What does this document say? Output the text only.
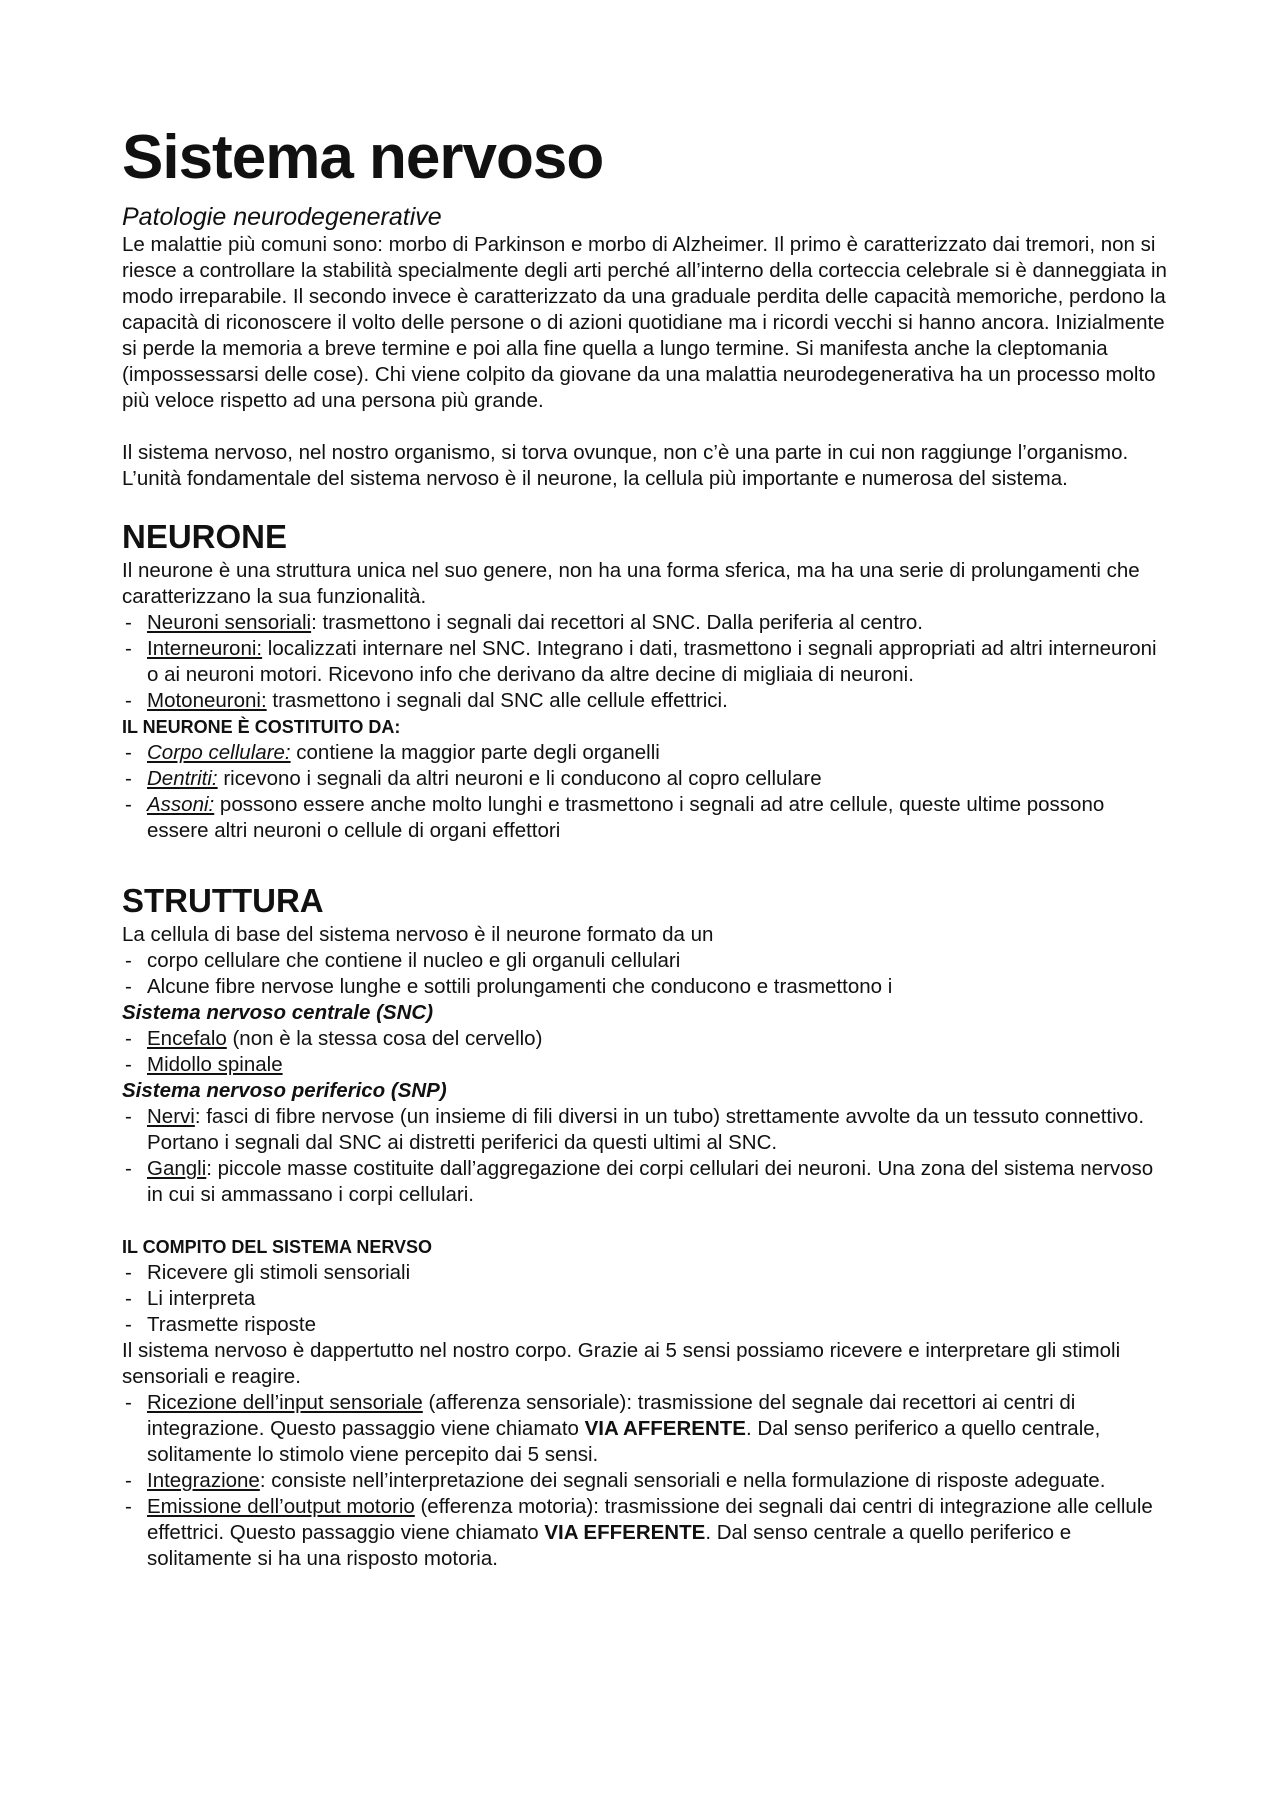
Sistema nervoso
Patologie neurodegenerative

Le malattie più comuni sono: morbo di Parkinson e morbo di Alzheimer. Il primo è caratterizzato dai tremori, non si riesce a controllare la stabilità specialmente degli arti perché all’interno della corteccia celebrale si è danneggiata in modo irreparabile. Il secondo invece è caratterizzato da una graduale perdita delle capacità memoriche, perdono la capacità di riconoscere il volto delle persone o di azioni quotidiane ma i ricordi vecchi si hanno ancora. Inizialmente si perde la memoria a breve termine e poi alla fine quella a lungo termine. Si manifesta anche la cleptomania (impossessarsi delle cose). Chi viene colpito da giovane da una malattia neurodegenerativa ha un processo molto più veloce rispetto ad una persona più grande.

Il sistema nervoso, nel nostro organismo, si torva ovunque, non c’è una parte in cui non raggiunge l’organismo. L’unità fondamentale del sistema nervoso è il neurone, la cellula più importante e numerosa del sistema.

NEURONE

Il neurone è una struttura unica nel suo genere, non ha una forma sferica, ma ha una serie di prolungamenti che caratterizzano la sua funzionalità.

- Neuroni sensoriali: trasmettono i segnali dai recettori al SNC. Dalla periferia al centro.
- Interneuroni: localizzati internare nel SNC. Integrano i dati, trasmettono i segnali appropriati ad altri interneuroni o ai neuroni motori. Ricevono info che derivano da altre decine di migliaia di neuroni.
- Motoneuroni: trasmettono i segnali dal SNC alle cellule effettrici.
IL NEURONE È COSTITUITO DA:
- Corpo cellulare: contiene la maggior parte degli organelli
- Dentriti: ricevono i segnali da altri neuroni e li conducono al copro cellulare
- Assoni: possono essere anche molto lunghi e trasmettono i segnali ad atre cellule, queste ultime possono essere altri neuroni o cellule di organi effettori
STRUTTURA

La cellula di base del sistema nervoso è il neurone formato da un

- corpo cellulare che contiene il nucleo e gli organuli cellulari
- Alcune fibre nervose lunghe e sottili prolungamenti che conducono e trasmettono i
Sistema nervoso centrale (SNC)
- Encefalo (non è la stessa cosa del cervello)
- Midollo spinale
Sistema nervoso periferico (SNP)
- Nervi: fasci di fibre nervose (un insieme di fili diversi in un tubo) strettamente avvolte da un tessuto connettivo. Portano i segnali dal SNC ai distretti periferici da questi ultimi al SNC.
- Gangli: piccole masse costituite dall’aggregazione dei corpi cellulari dei neuroni. Una zona del sistema nervoso in cui si ammassano i corpi cellulari.
IL COMPITO DEL SISTEMA NERVSO
- Ricevere gli stimoli sensoriali
- Li interpreta
- Trasmette risposte

Il sistema nervoso è dappertutto nel nostro corpo. Grazie ai 5 sensi possiamo ricevere e interpretare gli stimoli sensoriali e reagire.

- Ricezione dell’input sensoriale (afferenza sensoriale): trasmissione del segnale dai recettori ai centri di integrazione. Questo passaggio viene chiamato VIA AFFERENTE. Dal senso periferico a quello centrale, solitamente lo stimolo viene percepito dai 5 sensi.
- Integrazione: consiste nell’interpretazione dei segnali sensoriali e nella formulazione di risposte adeguate.
- Emissione dell’output motorio (efferenza motoria): trasmissione dei segnali dai centri di integrazione alle cellule effettrici. Questo passaggio viene chiamato VIA EFFERENTE. Dal senso centrale a quello periferico e solitamente si ha una risposto motoria.
